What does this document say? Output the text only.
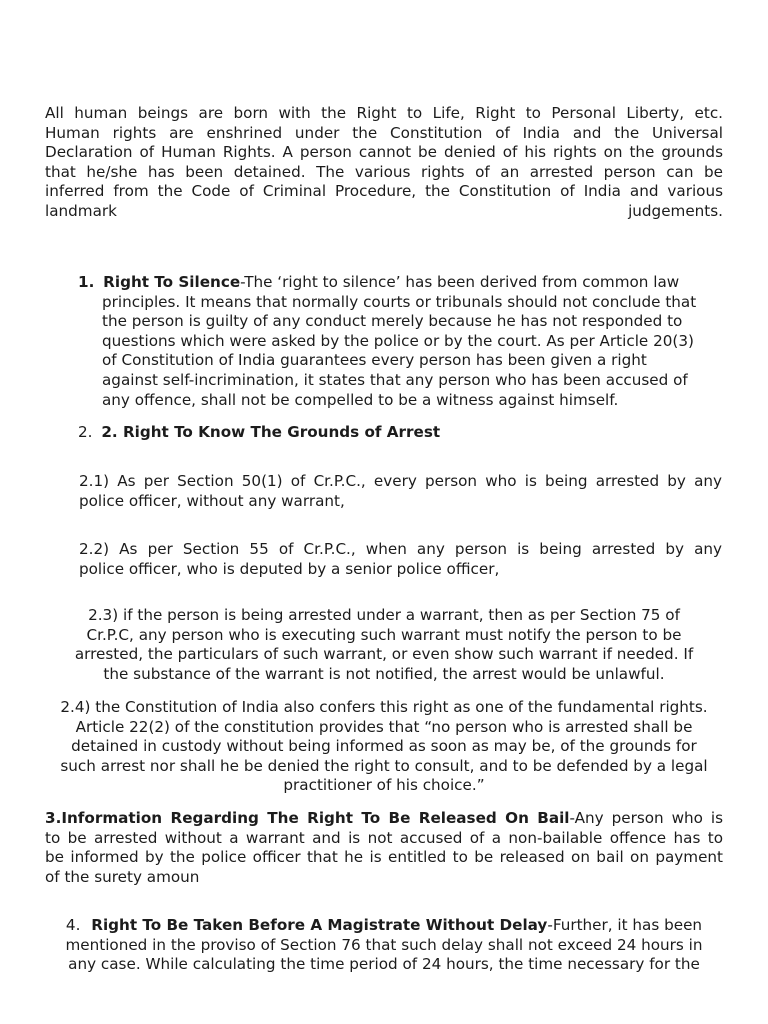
All human beings are born with the Right to Life, Right to Personal Liberty, etc.
Human rights are enshrined under the Constitution of India and the Universal
Declaration of Human Rights. A person cannot be denied of his rights on the grounds
that he/she has been detained. The various rights of an arrested person can be
inferred from the Code of Criminal Procedure, the Constitution of India and various
landmark	judgements.
1. Right To Silence-The ‘right to silence’ has been derived from common law
principles. It means that normally courts or tribunals should not conclude that
the person is guilty of any conduct merely because he has not responded to
questions which were asked by the police or by the court. As per Article 20(3)
of Constitution of India guarantees every person has been given a right
against self-incrimination, it states that any person who has been accused of
any offence, shall not be compelled to be a witness against himself.
2. 2. Right To Know The Grounds of Arrest
2.1) As per Section 50(1) of Cr.P.C., every person who is being arrested by any
police officer, without any warrant,
2.2) As per Section 55 of Cr.P.C., when any person is being arrested by any
police officer, who is deputed by a senior police officer,
2.3) if the person is being arrested under a warrant, then as per Section 75 of
Cr.P.C, any person who is executing such warrant must notify the person to be
arrested, the particulars of such warrant, or even show such warrant if needed. If
the substance of the warrant is not notified, the arrest would be unlawful.
2.4) the Constitution of India also confers this right as one of the fundamental rights.
Article 22(2) of the constitution provides that “no person who is arrested shall be
detained in custody without being informed as soon as may be, of the grounds for
such arrest nor shall he be denied the right to consult, and to be defended by a legal
practitioner of his choice.”
3.Information Regarding The Right To Be Released On Bail-Any person who is
to be arrested without a warrant and is not accused of a non-bailable offence has to
be informed by the police officer that he is entitled to be released on bail on payment
of the surety amoun
4. Right To Be Taken Before A Magistrate Without Delay-Further, it has been
mentioned in the proviso of Section 76 that such delay shall not exceed 24 hours in
any case. While calculating the time period of 24 hours, the time necessary for the
